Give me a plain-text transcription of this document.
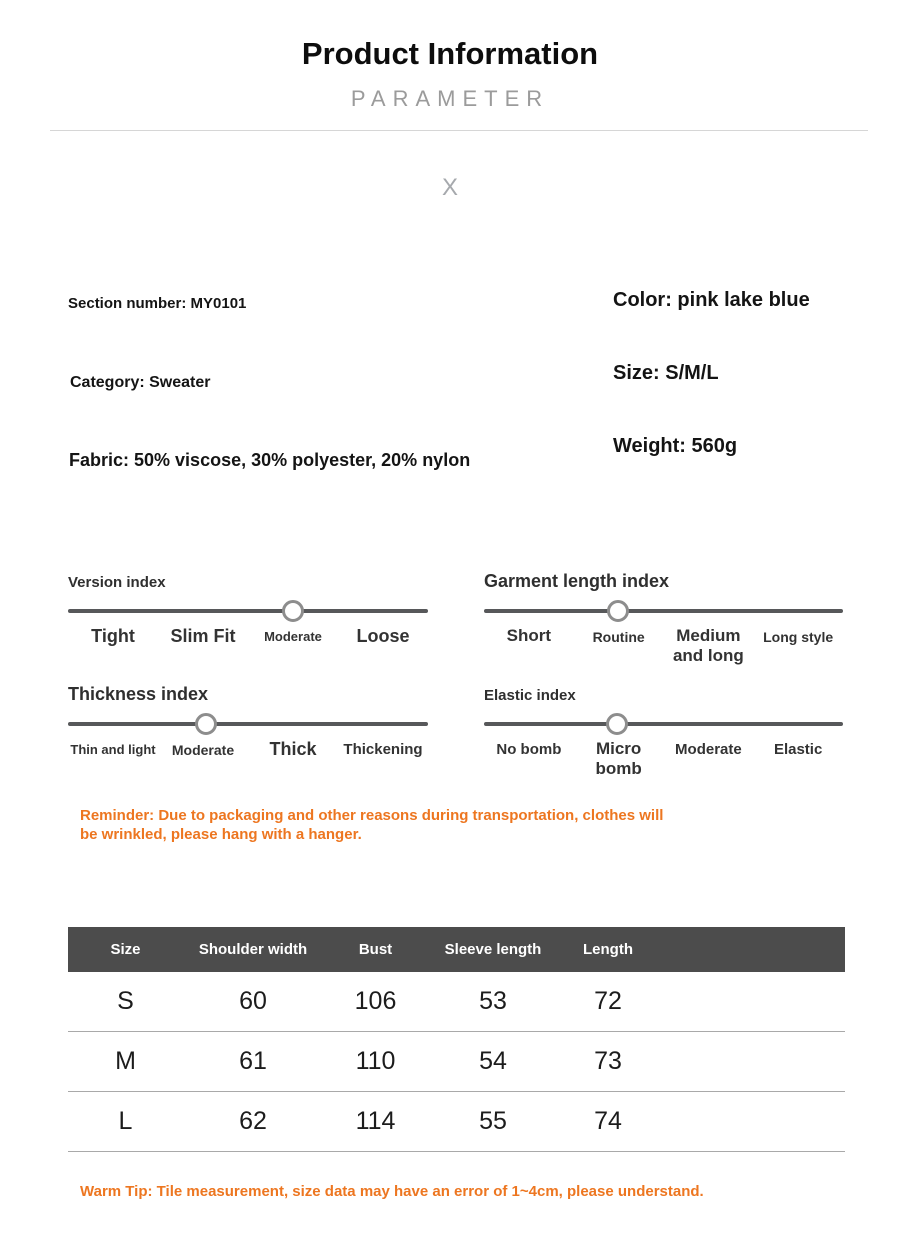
Product Information
PARAMETER
X
Section number: MY0101
Category: Sweater
Fabric: 50% viscose, 30% polyester, 20% nylon
Color: pink lake blue
Size: S/M/L
Weight: 560g
Version index
Tight	Slim Fit	Moderate	Loose
Garment length index
Short	Routine	Medium and long
Long style
Thickness index
Thin and light	Moderate	Thick	Thickening
Elastic index
No bomb	Micro bomb
Moderate	Elastic
Reminder: Due to packaging and other reasons during transportation, clothes will be wrinkled, please hang with a hanger.
Size	Shoulder width	Bust	Sleeve length	Length
S	60	106	53	72
M	61	110	54	73
L	62	114	55	74
Warm Tip: Tile measurement, size data may have an error of 1~4cm, please understand.
